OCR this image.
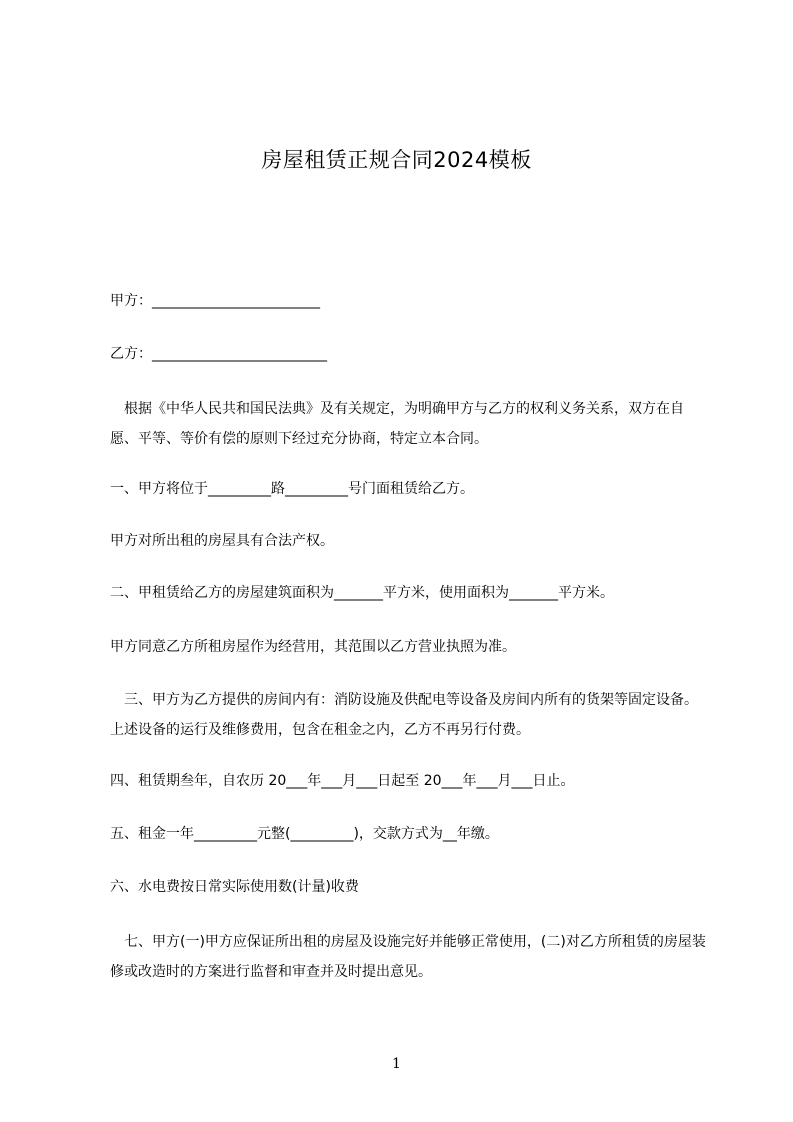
房屋租赁正规合同2024模板
甲方：________________________
乙方：_________________________
根据《中华人民共和国民法典》及有关规定，为明确甲方与乙方的权利义务关系，双方在自愿、平等、等价有偿的原则下经过充分协商，特定立本合同。
一、甲方将位于_________路_________号门面租赁给乙方。
甲方对所出租的房屋具有合法产权。
二、甲租赁给乙方的房屋建筑面积为_______平方米，使用面积为_______平方米。
甲方同意乙方所租房屋作为经营用，其范围以乙方营业执照为准。
三、甲方为乙方提供的房间内有：消防设施及供配电等设备及房间内所有的货架等固定设备。上述设备的运行及维修费用，包含在租金之内，乙方不再另行付费。
四、租赁期叁年，自农历 20___年___月___日起至 20___年___月___日止。
五、租金一年_________元整(_________)，交款方式为__年缴。
六、水电费按日常实际使用数(计量)收费
七、甲方(一)甲方应保证所出租的房屋及设施完好并能够正常使用，(二)对乙方所租赁的房屋装修或改造时的方案进行监督和审查并及时提出意见。
1
